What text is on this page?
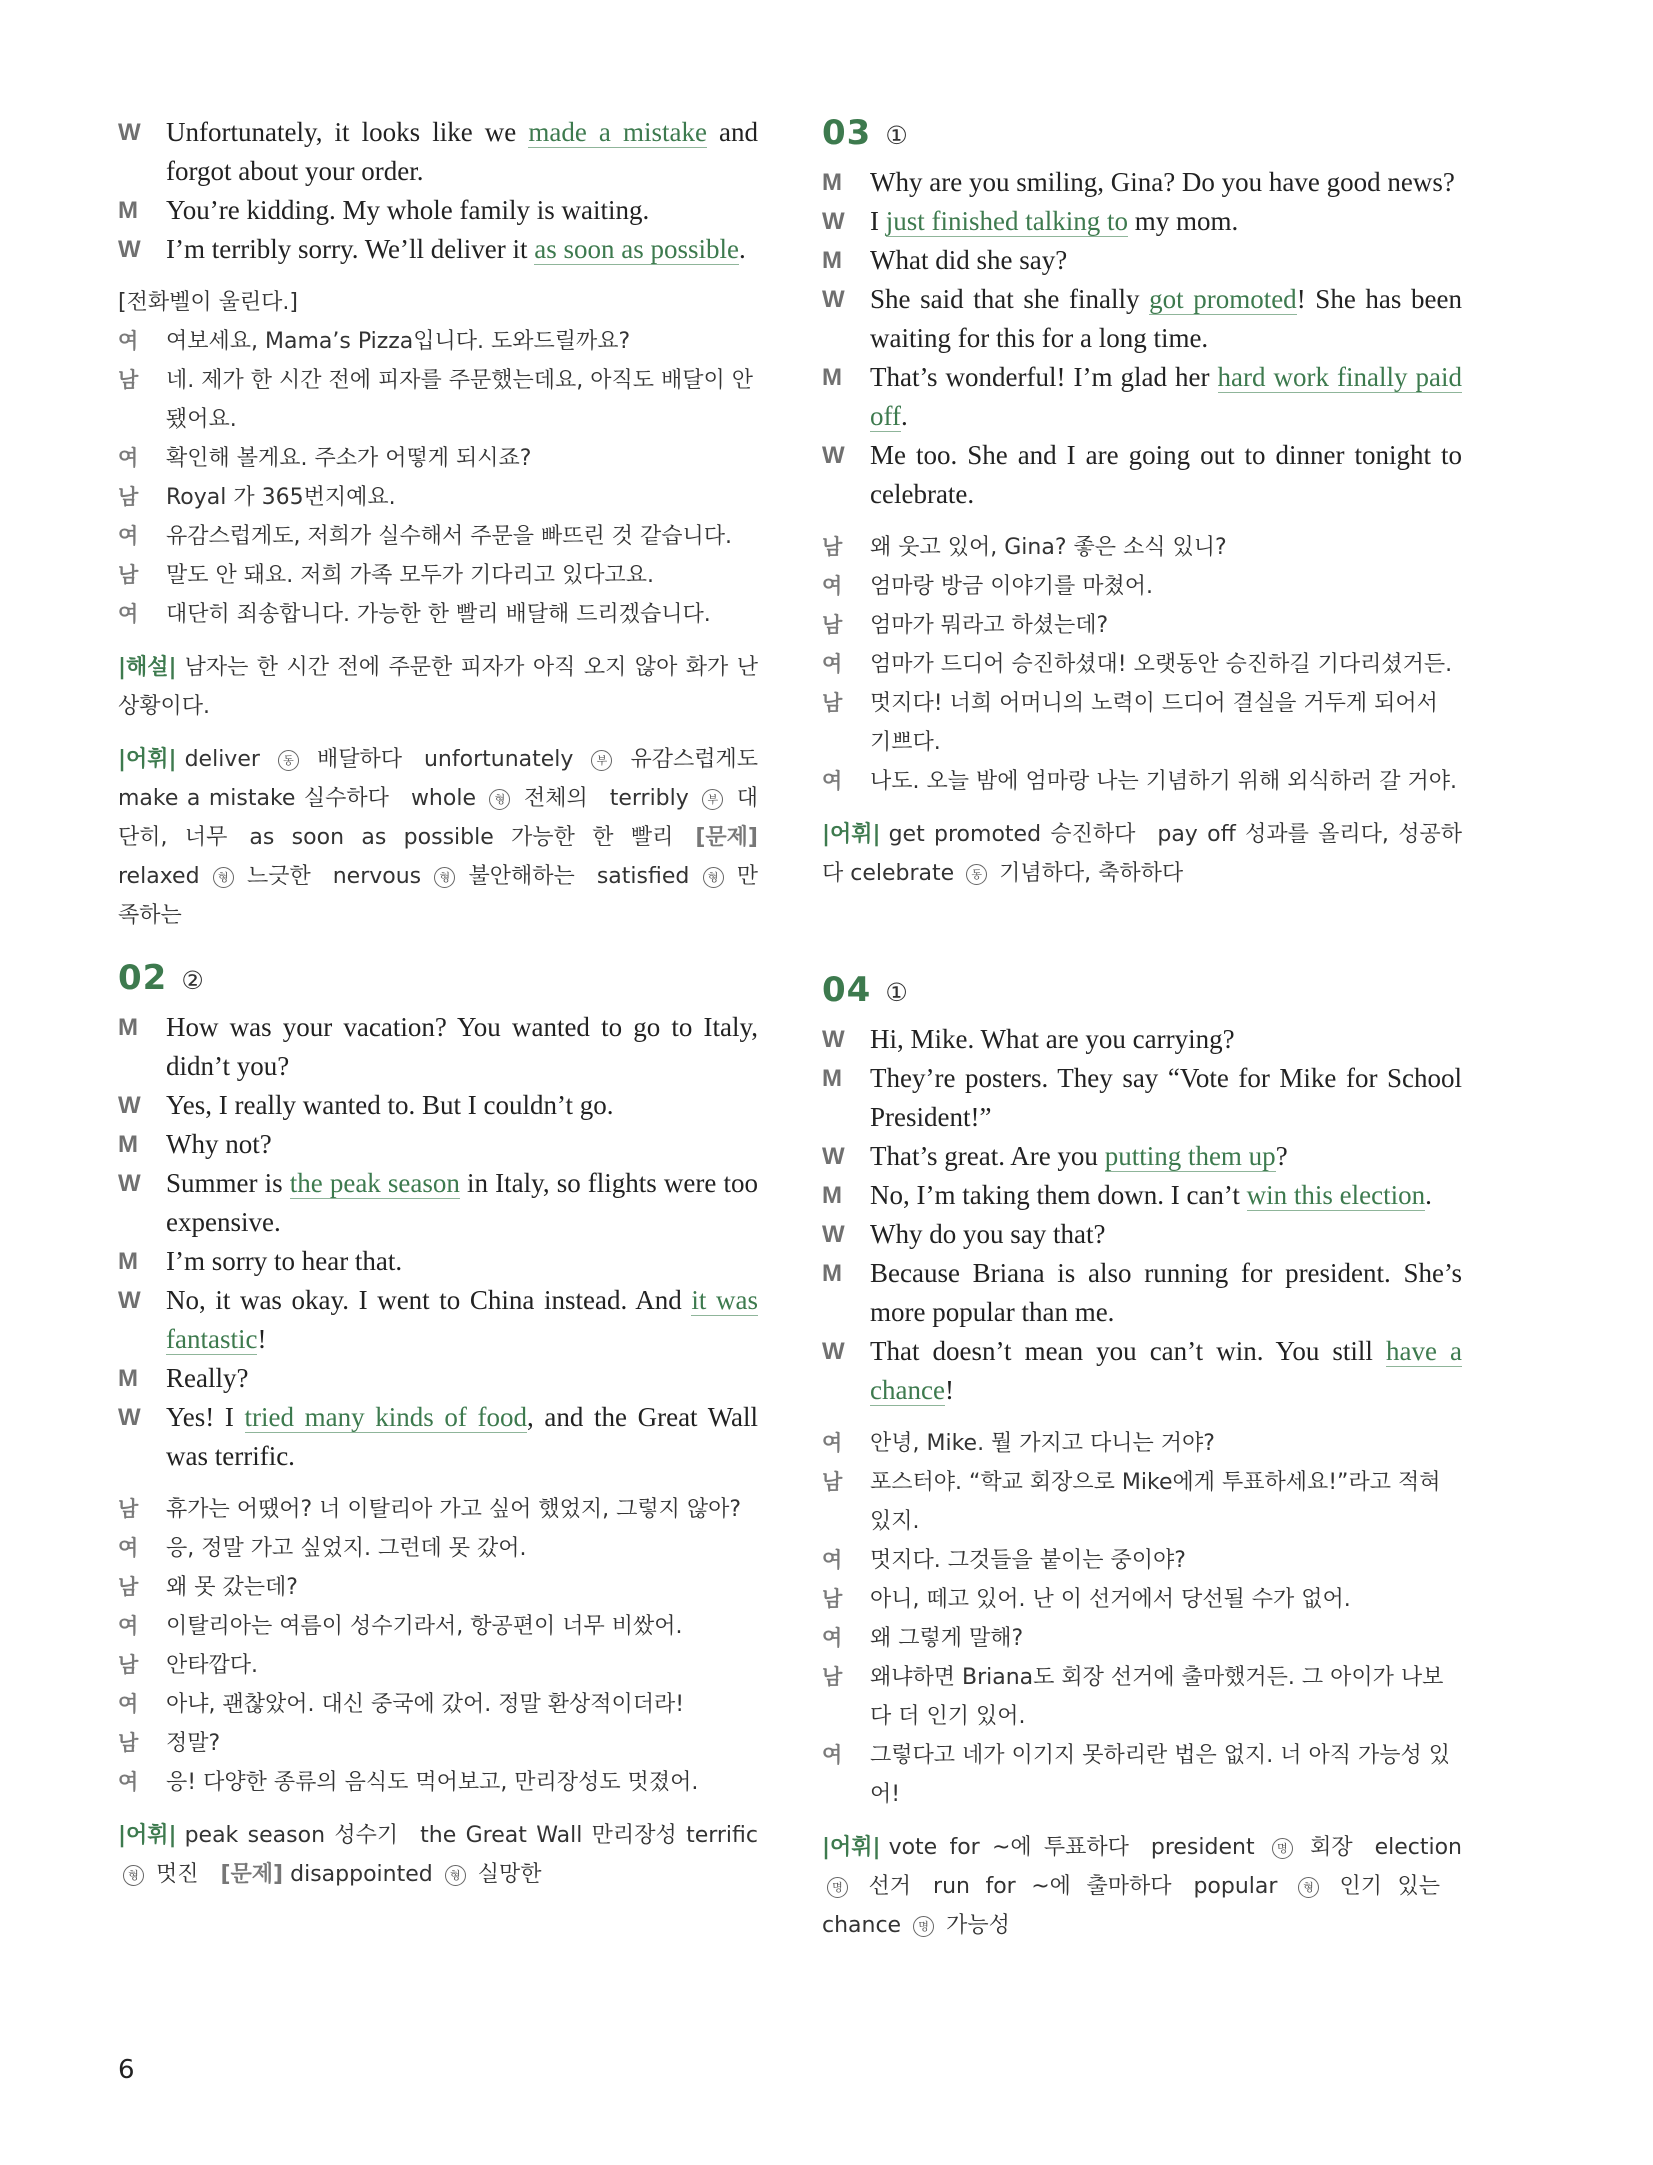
W Unfortunately, it looks like we made a mistake and forgot about your order.
M	You’re kidding. My whole family is waiting.
W I’m terribly sorry. We’ll deliver it as soon as possible.
[전화벨이 울린다.]
여	여보세요, Mama’s Pizza입니다. 도와드릴까요?
남	네. 제가 한 시간 전에 피자를 주문했는데요, 아직도 배달이 안 됐어요.
여	확인해 볼게요. 주소가 어떻게 되시죠?
남	Royal 가 365번지예요.
여	유감스럽게도, 저희가 실수해서 주문을 빠뜨린 것 같습니다.
남	말도 안 돼요. 저희 가족 모두가 기다리고 있다고요.
여	대단히 죄송합니다. 가능한 한 빨리 배달해 드리겠습니다.
|해설| 남자는 한 시간 전에 주문한 피자가 아직 오지 않아 화가 난 상황이다.
|어휘| deliver 동 배달하다 unfortunately 부 유감스럽게도 make a mistake 실수하다 whole 형 전체의 terribly 부 대단히, 너무 as soon as possible 가능한 한 빨리 [문제] relaxed 형 느긋한 nervous 형 불안해하는 satisfied 형 만족하는
02 ②
M	How was your vacation? You wanted to go to Italy, didn’t you?
W Yes, I really wanted to. But I couldn’t go.
M	Why not?
W Summer is the peak season in Italy, so flights were too expensive.
M	I’m sorry to hear that.
W No, it was okay. I went to China instead. And it was fantastic!
M	Really?
W Yes! I tried many kinds of food, and the Great Wall was terrific.
남	휴가는 어땠어? 너 이탈리아 가고 싶어 했었지, 그렇지 않아?
여	응, 정말 가고 싶었지. 그런데 못 갔어.
남	왜 못 갔는데?
여	이탈리아는 여름이 성수기라서, 항공편이 너무 비쌌어.
남	안타깝다.
여	아냐, 괜찮았어. 대신 중국에 갔어. 정말 환상적이더라!
남	정말?
여	응! 다양한 종류의 음식도 먹어보고, 만리장성도 멋졌어.
|어휘| peak season 성수기 the Great Wall 만리장성 terrific 형 멋진 [문제] disappointed 형 실망한
03 ①
M	Why are you smiling, Gina? Do you have good news?
W I just finished talking to my mom.
M	What did she say?
W She said that she finally got promoted! She has been waiting for this for a long time.
M	That’s wonderful! I’m glad her hard work finally paid off.
W Me too. She and I are going out to dinner tonight to celebrate.
남	왜 웃고 있어, Gina? 좋은 소식 있니?
여	엄마랑 방금 이야기를 마쳤어.
남	엄마가 뭐라고 하셨는데?
여	엄마가 드디어 승진하셨대! 오랫동안 승진하길 기다리셨거든.
남	멋지다! 너희 어머니의 노력이 드디어 결실을 거두게 되어서 기쁘다.
여	나도. 오늘 밤에 엄마랑 나는 기념하기 위해 외식하러 갈 거야.
|어휘| get promoted 승진하다 pay off 성과를 올리다, 성공하다 celebrate 동 기념하다, 축하하다
04 ①
W Hi, Mike. What are you carrying?
M	They’re posters. They say “Vote for Mike for School President!”
W That’s great. Are you putting them up?
M	No, I’m taking them down. I can’t win this election.
W Why do you say that?
M	Because Briana is also running for president. She’s more popular than me.
W That doesn’t mean you can’t win. You still have a chance!
여	안녕, Mike. 뭘 가지고 다니는 거야?
남	포스터야. “학교 회장으로 Mike에게 투표하세요!”라고 적혀 있지.
여	멋지다. 그것들을 붙이는 중이야?
남	아니, 떼고 있어. 난 이 선거에서 당선될 수가 없어.
여	왜 그렇게 말해?
남	왜냐하면 Briana도 회장 선거에 출마했거든. 그 아이가 나보다 더 인기 있어.
여	그렇다고 네가 이기지 못하리란 법은 없지. 너 아직 가능성 있어!
|어휘| vote for ~에 투표하다 president 명 회장 election 명 선거 run for ~에 출마하다 popular 형 인기 있는chance 명 가능성
6
